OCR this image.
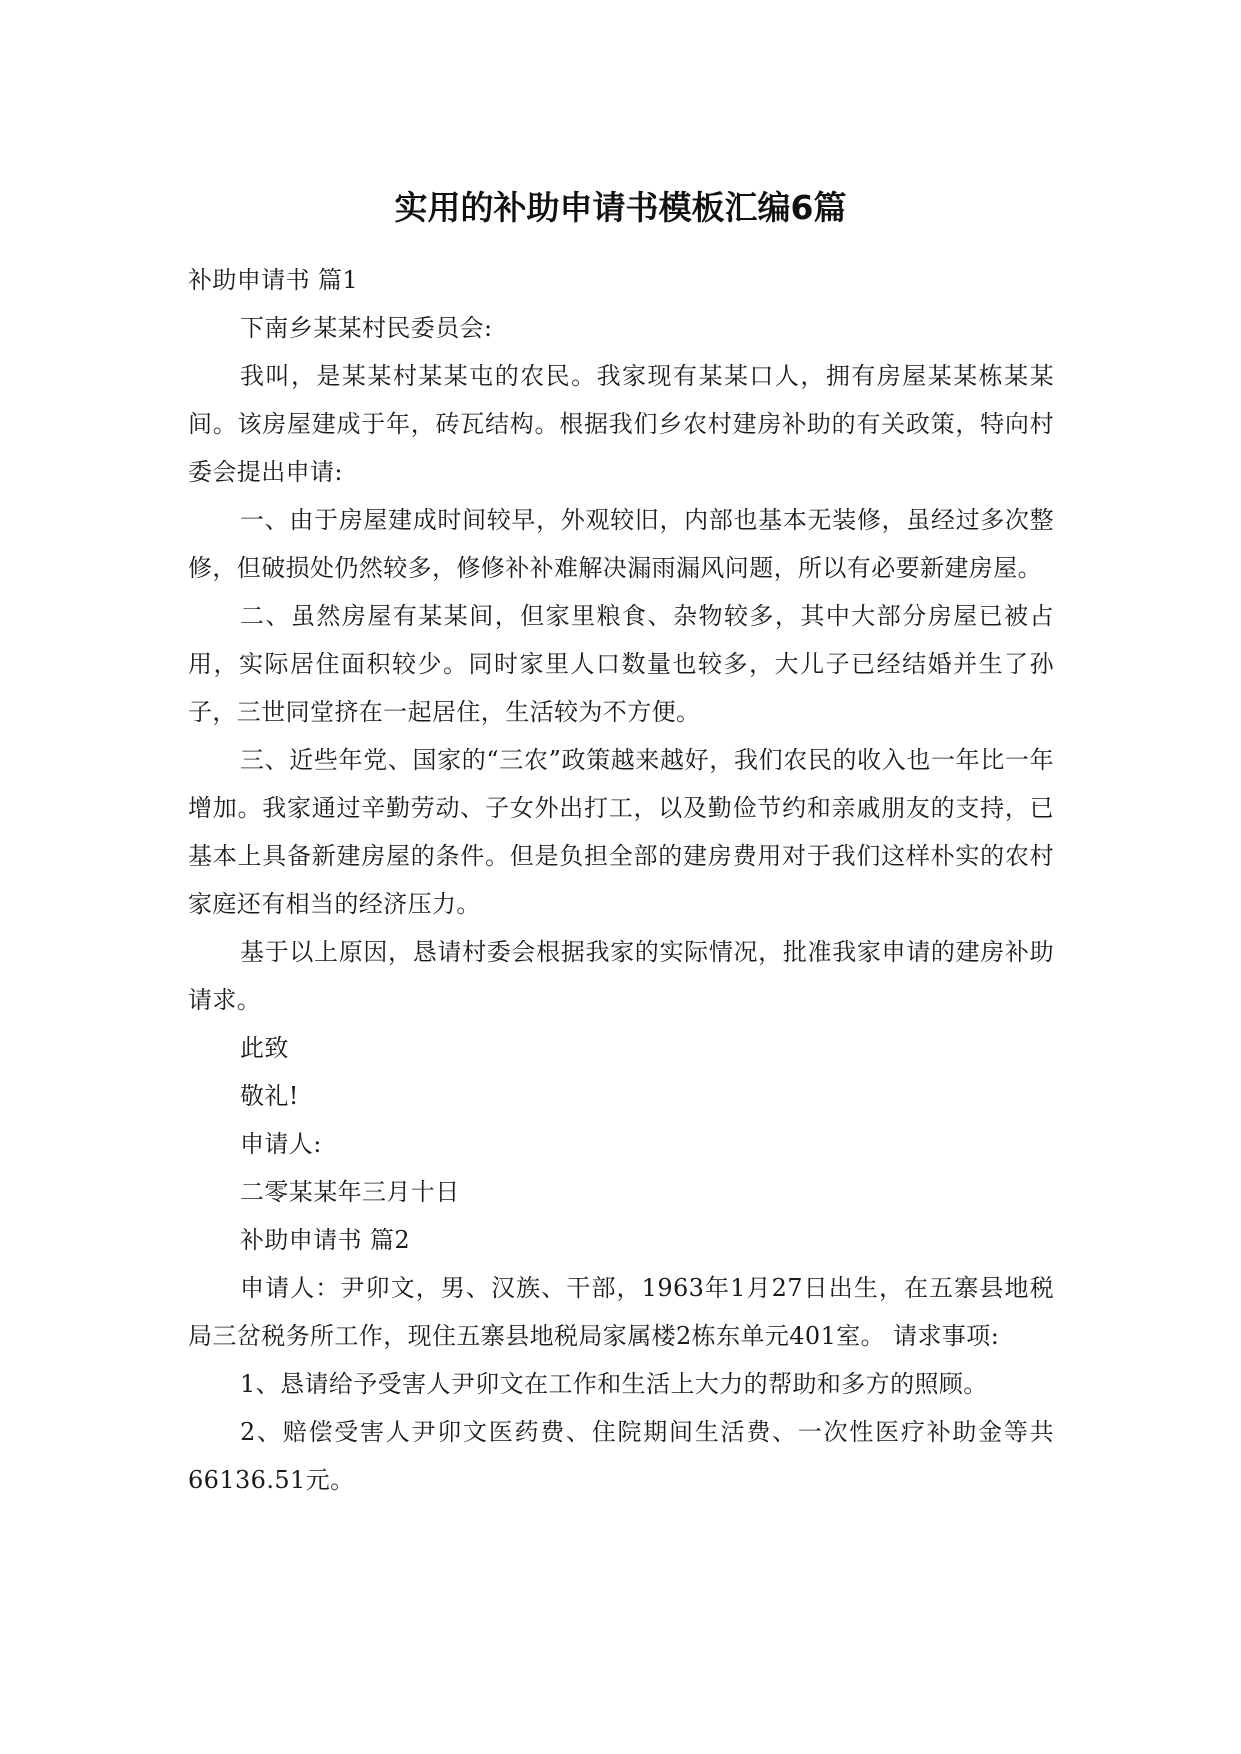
实用的补助申请书模板汇编6篇

补助申请书 篇1

下南乡某某村民委员会:

我叫，是某某村某某屯的农民。我家现有某某口人，拥有房屋某某栋某某间。该房屋建成于年，砖瓦结构。根据我们乡农村建房补助的有关政策，特向村委会提出申请:

一、由于房屋建成时间较早，外观较旧，内部也基本无装修，虽经过多次整修，但破损处仍然较多，修修补补难解决漏雨漏风问题，所以有必要新建房屋。

二、虽然房屋有某某间，但家里粮食、杂物较多，其中大部分房屋已被占用，实际居住面积较少。同时家里人口数量也较多，大儿子已经结婚并生了孙子，三世同堂挤在一起居住，生活较为不方便。

三、近些年党、国家的“三农”政策越来越好，我们农民的收入也一年比一年增加。我家通过辛勤劳动、子女外出打工，以及勤俭节约和亲戚朋友的支持，已基本上具备新建房屋的条件。但是负担全部的建房费用对于我们这样朴实的农村家庭还有相当的经济压力。

基于以上原因，恳请村委会根据我家的实际情况，批准我家申请的建房补助请求。

此致

敬礼!

申请人:

二零某某年三月十日

补助申请书 篇2

申请人：尹卯文，男、汉族、干部，1963年1月27日出生，在五寨县地税局三岔税务所工作，现住五寨县地税局家属楼2栋东单元401室。 请求事项:

1、恳请给予受害人尹卯文在工作和生活上大力的帮助和多方的照顾。

2、赔偿受害人尹卯文医药费、住院期间生活费、一次性医疗补助金等共66136.51元。
